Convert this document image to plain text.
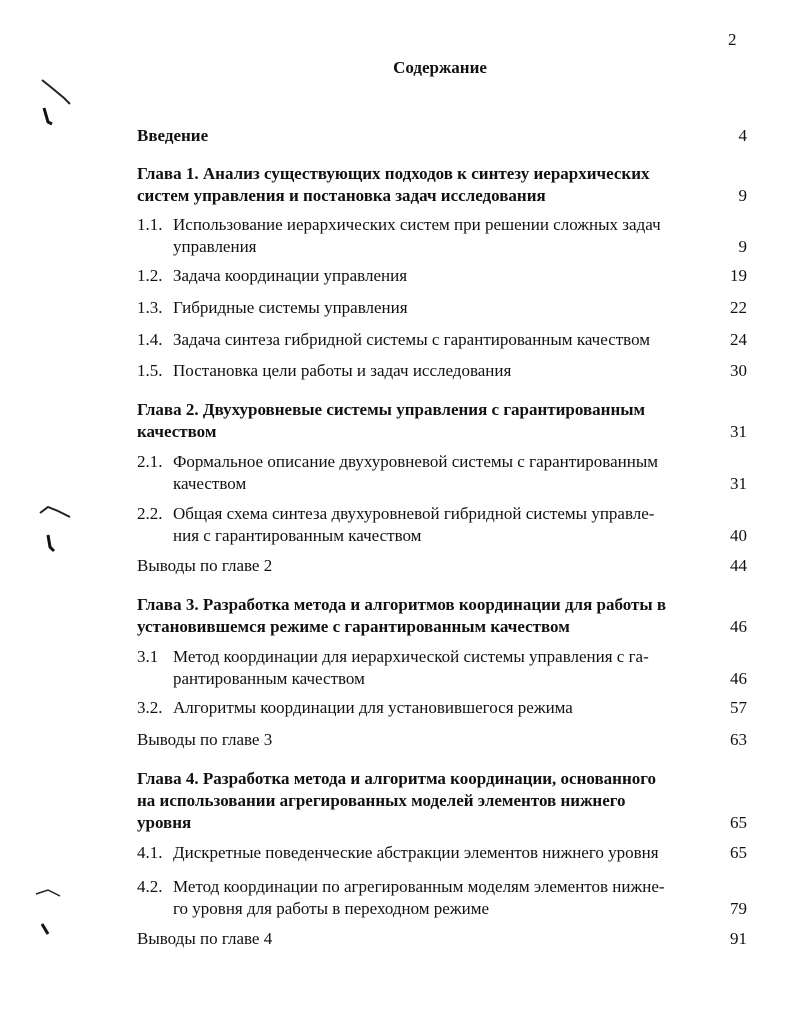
2
Содержание
Введение	4
Глава 1. Анализ существующих подходов к синтезу иерархических
систем управления и постановка задач исследования	9
1.1. Использование иерархических систем при решении сложных задач
управления	9
1.2. Задача координации управления	19
1.3. Гибридные системы управления	22
1.4. Задача синтеза гибридной системы с гарантированным качеством	24
1.5. Постановка цели работы и задач исследования	30
Глава 2. Двухуровневые системы управления с гарантированным
качеством	31
2.1. Формальное описание двухуровневой системы с гарантированным
качеством	31
2.2. Общая схема синтеза двухуровневой гибридной системы управле-
ния с гарантированным качеством	40
Выводы по главе 2	44
Глава 3. Разработка метода и алгоритмов координации для работы в
установившемся режиме с гарантированным качеством	46
3.1 Метод координации для иерархической системы управления с га-
рантированным качеством	46
3.2. Алгоритмы координации для установившегося режима	57
Выводы по главе 3	63
Глава 4. Разработка метода и алгоритма координации, основанного
на использовании агрегированных моделей элементов нижнего
уровня	65
4.1. Дискретные поведенческие абстракции элементов нижнего уровня	65
4.2. Метод координации по агрегированным моделям элементов нижне-
го уровня для работы в переходном режиме	79
Выводы по главе 4	91
